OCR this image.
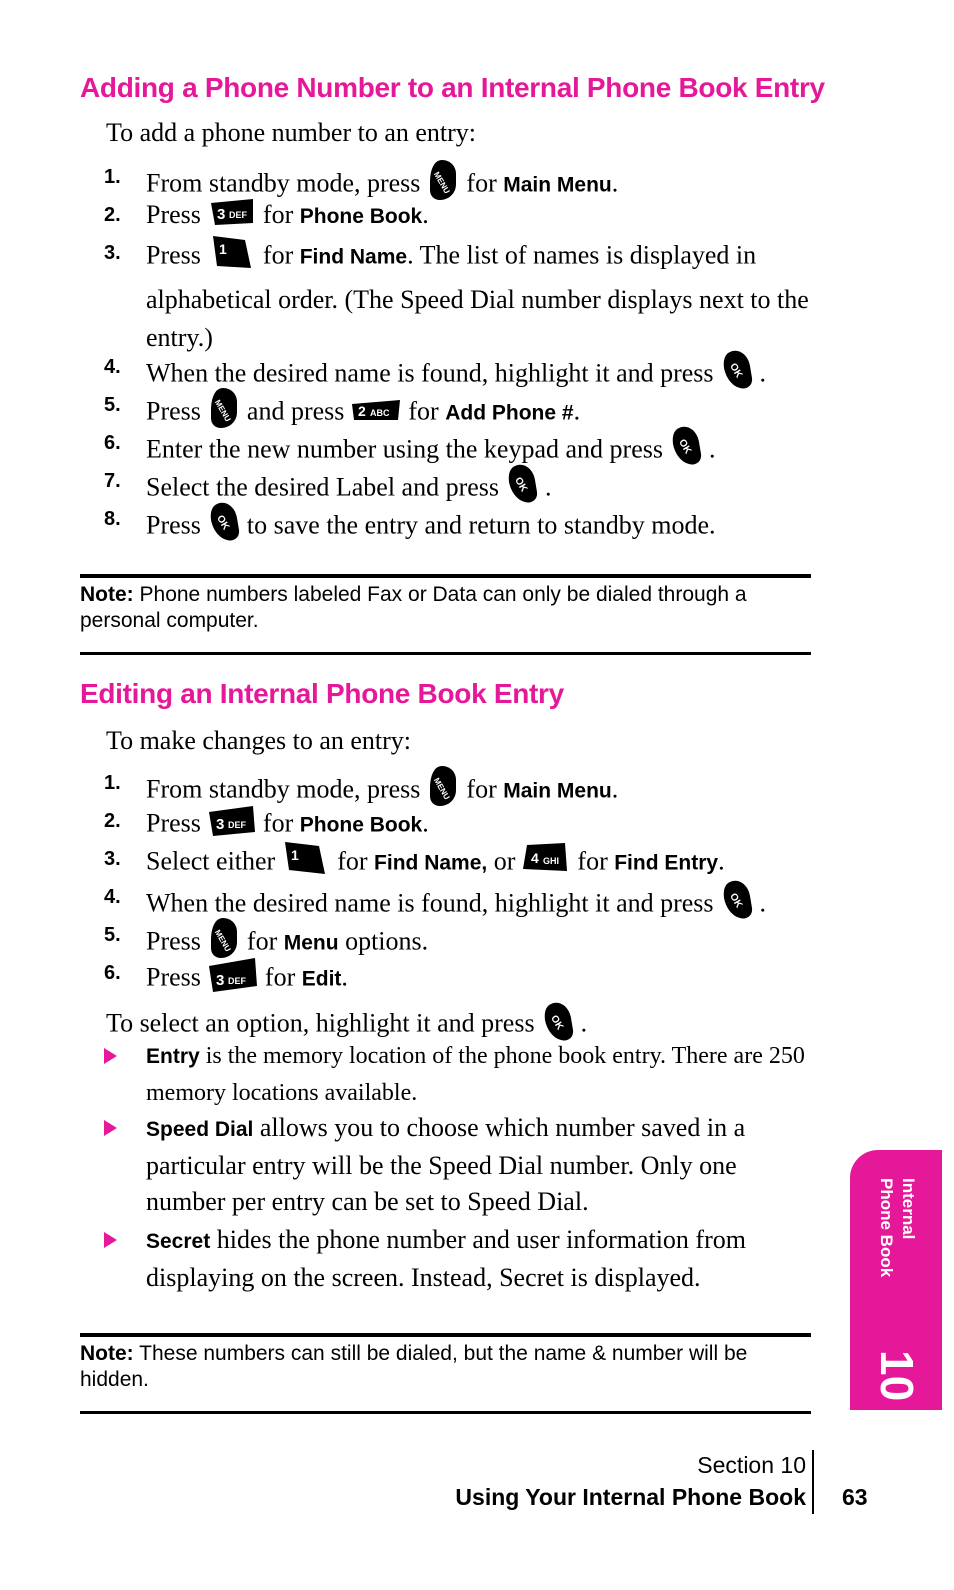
Adding a Phone Number to an Internal Phone Book Entry
To add a phone number to an entry:
1. From standby mode, press for Main Menu.
2. Press 3 DEF for Phone Book.
3. Press 1 for Find Name. The list of names is displayed in alphabetical order. (The Speed Dial number displays next to the entry.)
4. When the desired name is found, highlight it and press .
5. Press and press 2 ABC for Add Phone #.
6. Enter the new number using the keypad and press .
7. Select the desired Label and press .
8. Press to save the entry and return to standby mode.
Note: Phone numbers labeled Fax or Data can only be dialed through a personal computer.
Editing an Internal Phone Book Entry
To make changes to an entry:
1. From standby mode, press for Main Menu.
2. Press 3 DEF for Phone Book.
3. Select either 1 for Find Name, or 4 GHI for Find Entry.
4. When the desired name is found, highlight it and press .
5. Press for Menu options.
6. Press 3 DEF for Edit.
To select an option, highlight it and press .
Entry is the memory location of the phone book entry. There are 250 memory locations available.
Speed Dial allows you to choose which number saved in a particular entry will be the Speed Dial number. Only one number per entry can be set to Speed Dial.
Secret hides the phone number and user information from displaying on the screen. Instead, Secret is displayed.
Note: These numbers can still be dialed, but the name & number will be hidden.
Internal
Phone Book
10
Section 10
Using Your Internal Phone Book 63
